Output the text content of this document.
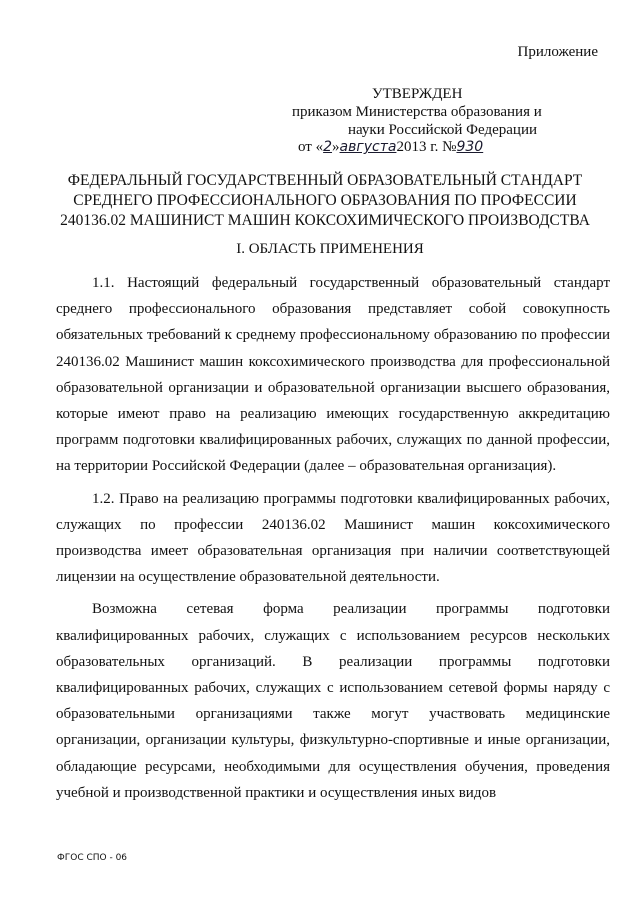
Приложение
УТВЕРЖДЕН
приказом Министерства образования и
науки Российской Федерации
от «2»августа2013 г. №930
ФЕДЕРАЛЬНЫЙ ГОСУДАРСТВЕННЫЙ ОБРАЗОВАТЕЛЬНЫЙ СТАНДАРТ
СРЕДНЕГО ПРОФЕССИОНАЛЬНОГО ОБРАЗОВАНИЯ ПО ПРОФЕССИИ
240136.02 МАШИНИСТ МАШИН КОКСОХИМИЧЕСКОГО ПРОИЗВОДСТВА
I. ОБЛАСТЬ ПРИМЕНЕНИЯ

1.1. Настоящий федеральный государственный образовательный стандарт среднего профессионального образования представляет собой совокупность обязательных требований к среднему профессиональному образованию по профессии 240136.02 Машинист машин коксохимического производства для профессиональной образовательной организации и образовательной организации высшего образования, которые имеют право на реализацию имеющих государственную аккредитацию программ подготовки квалифицированных рабочих, служащих по данной профессии, на территории Российской Федерации (далее – образовательная организация).

1.2. Право на реализацию программы подготовки квалифицированных рабочих, служащих по профессии 240136.02 Машинист машин коксохимического производства имеет образовательная организация при наличии соответствующей лицензии на осуществление образовательной деятельности.

Возможна сетевая форма реализации программы подготовки квалифицированных рабочих, служащих с использованием ресурсов нескольких образовательных организаций. В реализации программы подготовки квалифицированных рабочих, служащих с использованием сетевой формы наряду с образовательными организациями также могут участвовать медицинские организации, организации культуры, физкультурно-спортивные и иные организации, обладающие ресурсами, необходимыми для осуществления обучения, проведения учебной и производственной практики и осуществления иных видов

ФГОС СПО - 06
